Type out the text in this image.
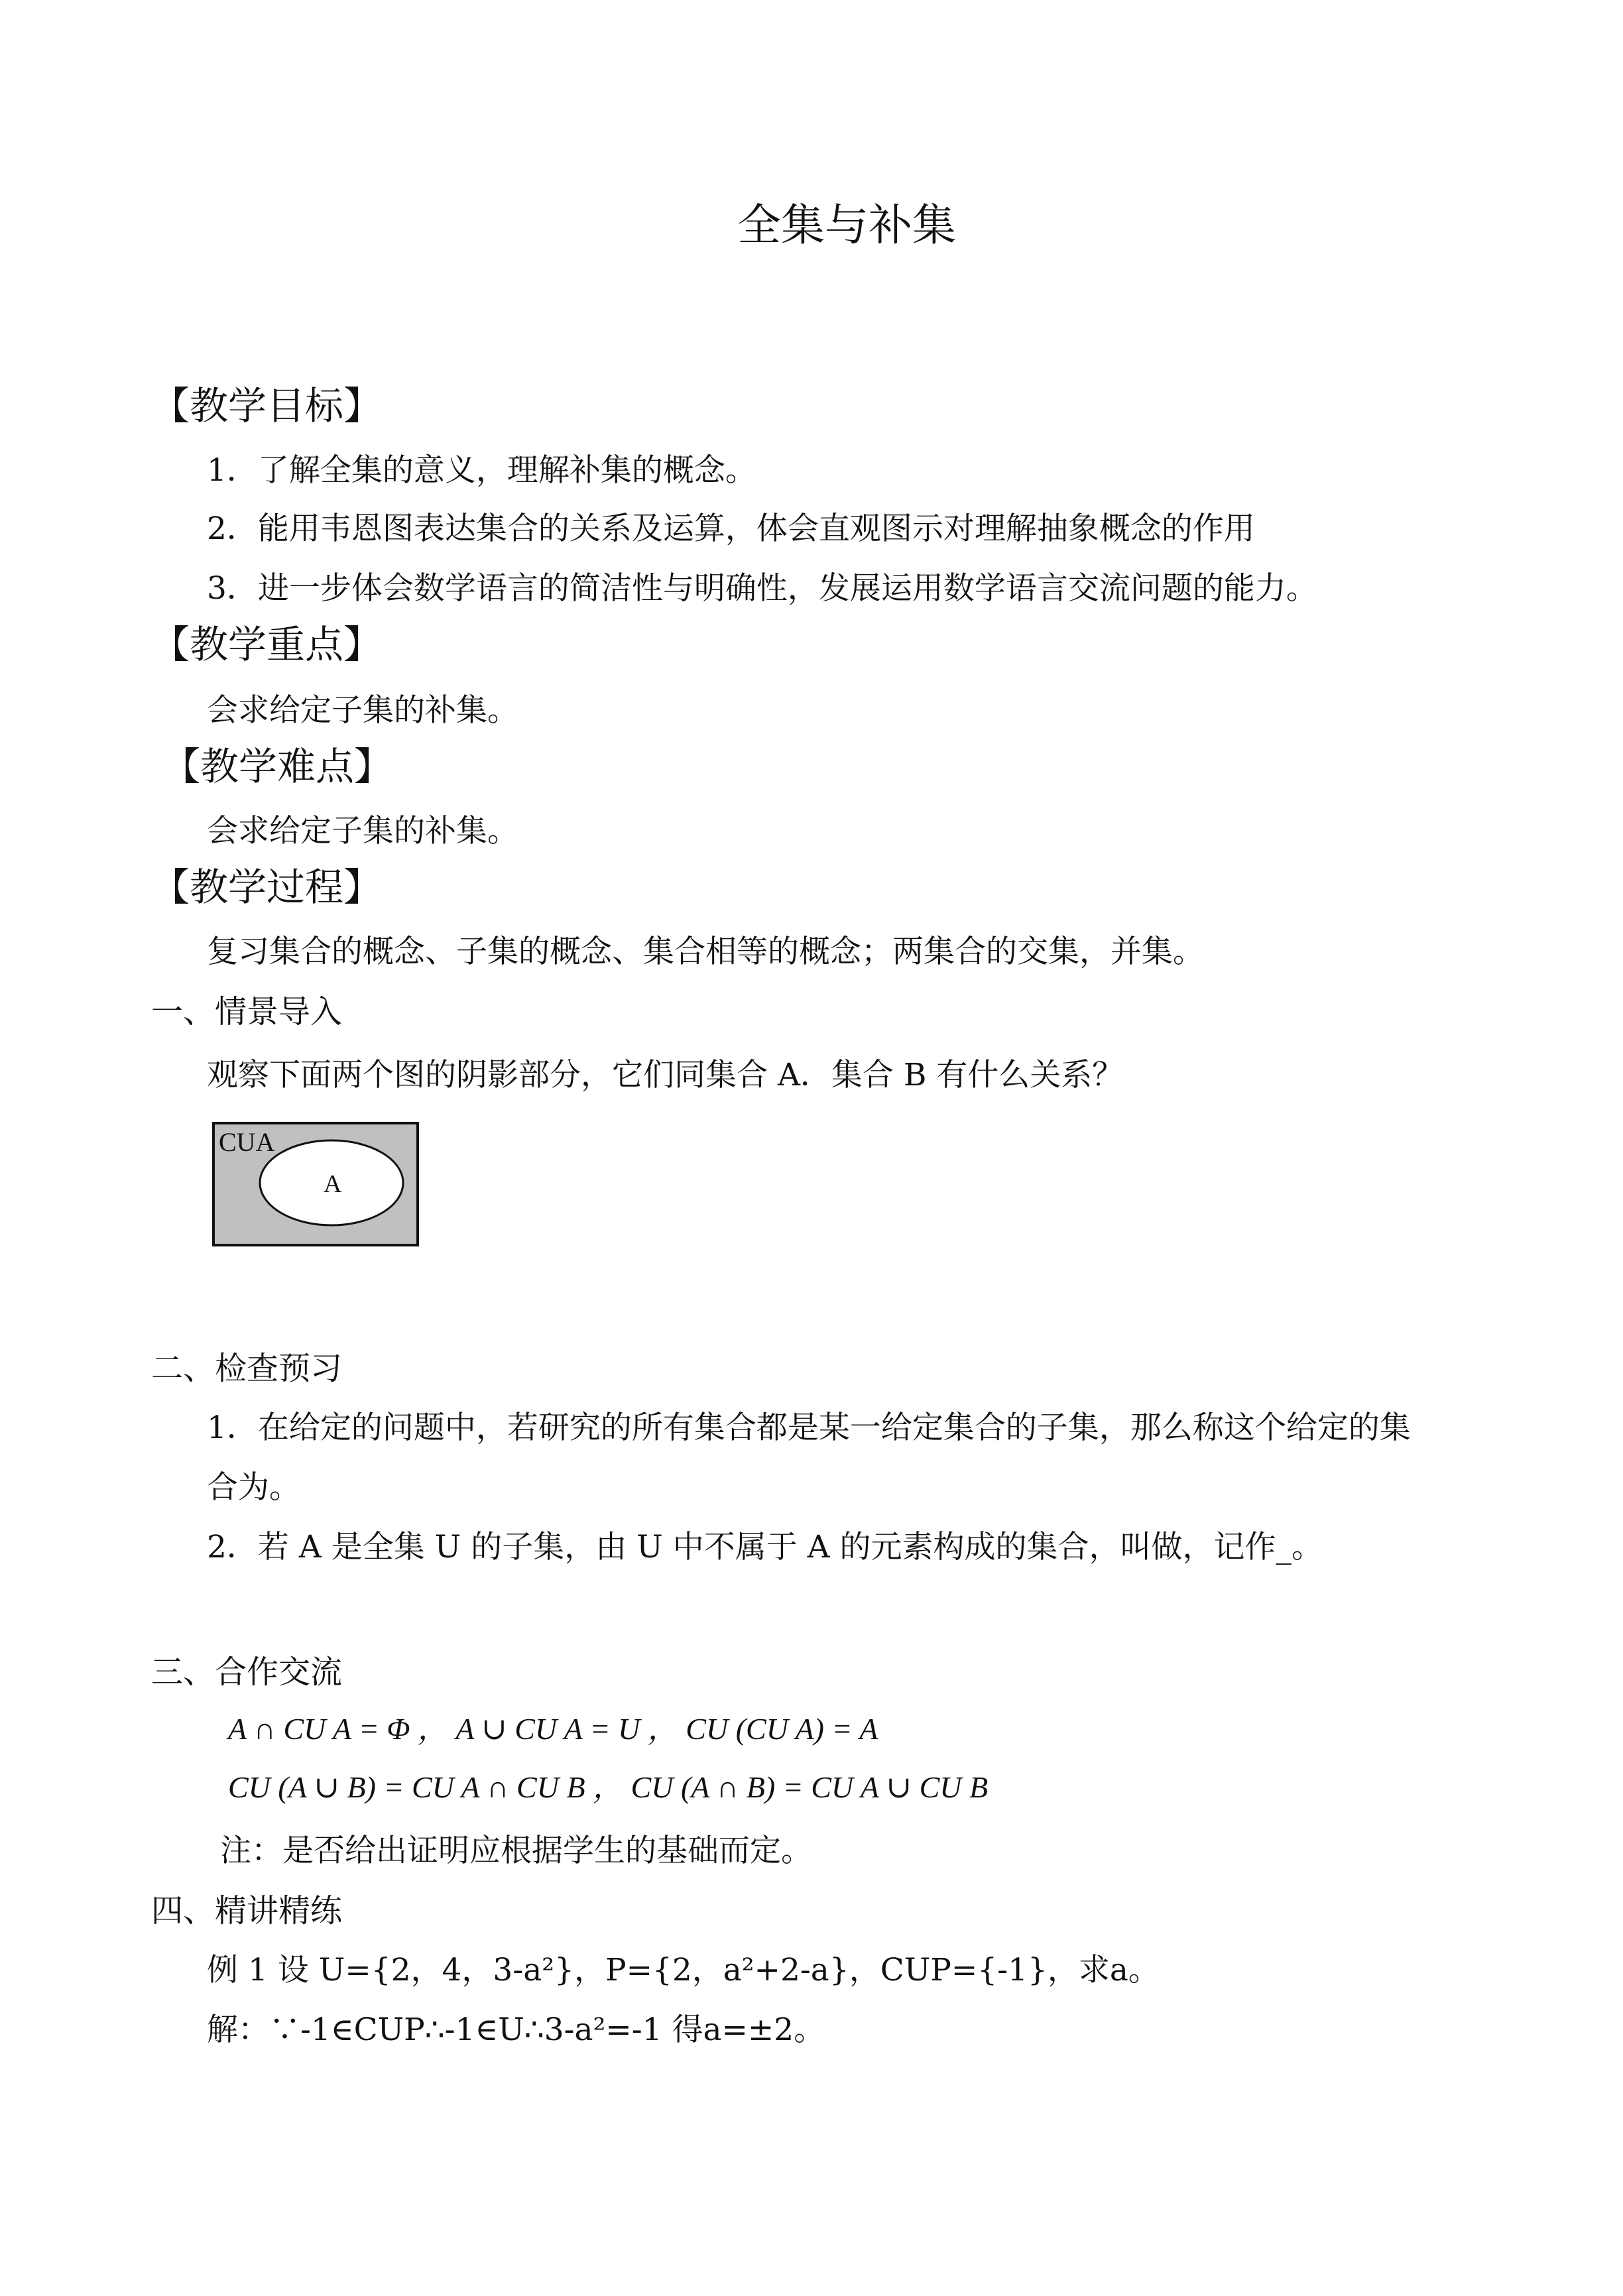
全集与补集
【教学目标】
1．了解全集的意义，理解补集的概念。
2．能用韦恩图表达集合的关系及运算，体会直观图示对理解抽象概念的作用
3．进一步体会数学语言的简洁性与明确性，发展运用数学语言交流问题的能力。
【教学重点】
会求给定子集的补集。
【教学难点】
会求给定子集的补集。
【教学过程】
复习集合的概念、子集的概念、集合相等的概念；两集合的交集，并集。
一、情景导入
观察下面两个图的阴影部分，它们同集合 A．集合 B 有什么关系？
CUA
A
二、检查预习
1．在给定的问题中，若研究的所有集合都是某一给定集合的子集，那么称这个给定的集
合为。
2．若 A 是全集 U 的子集，由 U 中不属于 A 的元素构成的集合，叫做，记作_。
三、合作交流
A ∩ CU A = Φ ， A ∪ CU A = U ， CU (CU A) = A
CU (A ∪ B) = CU A ∩ CU B ， CU (A ∩ B) = CU A ∪ CU B
注：是否给出证明应根据学生的基础而定。
四、精讲精练
例 1 设 U={2，4，3-a²}，P={2，a²+2-a}，CUP={-1}，求a。
解：∵-1∈CUP∴-1∈U∴3-a²=-1 得a=±2。
